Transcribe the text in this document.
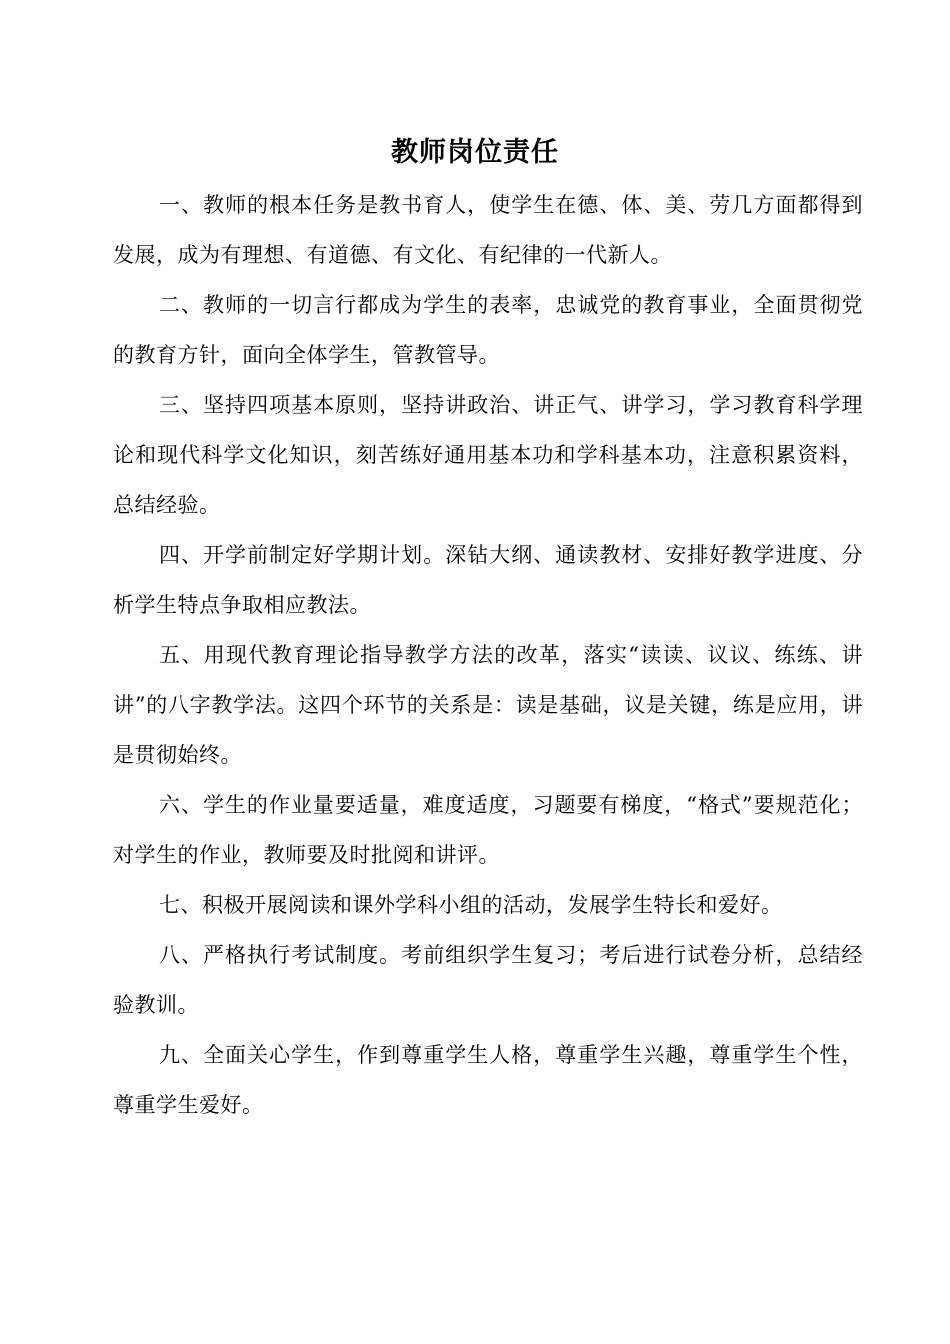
教师岗位责任

一、教师的根本任务是教书育人，使学生在德、体、美、劳几方面都得到发展，成为有理想、有道德、有文化、有纪律的一代新人。

二、教师的一切言行都成为学生的表率，忠诚党的教育事业，全面贯彻党的教育方针，面向全体学生，管教管导。

三、坚持四项基本原则，坚持讲政治、讲正气、讲学习，学习教育科学理论和现代科学文化知识，刻苦练好通用基本功和学科基本功，注意积累资料，总结经验。

四、开学前制定好学期计划。深钻大纲、通读教材、安排好教学进度、分析学生特点争取相应教法。

五、用现代教育理论指导教学方法的改革，落实“读读、议议、练练、讲讲”的八字教学法。这四个环节的关系是：读是基础，议是关键，练是应用，讲是贯彻始终。

六、学生的作业量要适量，难度适度，习题要有梯度，“格式”要规范化；对学生的作业，教师要及时批阅和讲评。

七、积极开展阅读和课外学科小组的活动，发展学生特长和爱好。

八、严格执行考试制度。考前组织学生复习；考后进行试卷分析，总结经验教训。

九、全面关心学生，作到尊重学生人格，尊重学生兴趣，尊重学生个性，尊重学生爱好。
